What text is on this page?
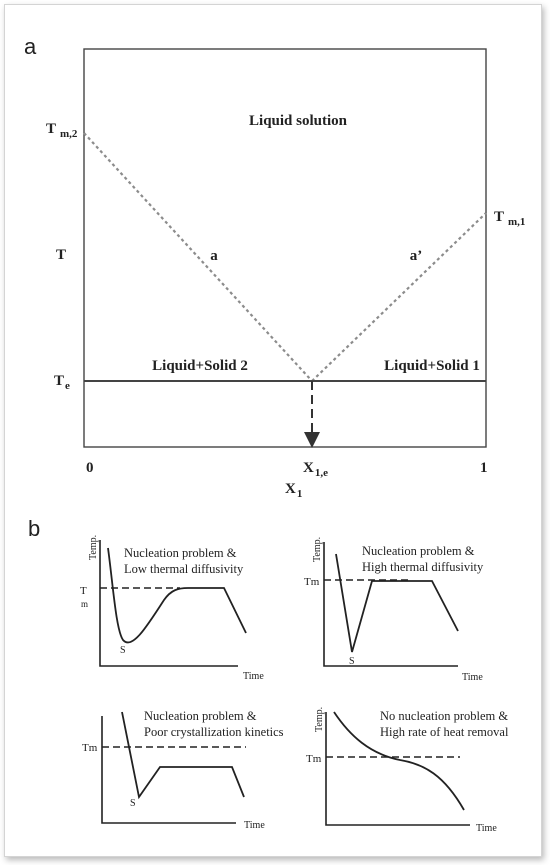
a
b
Liquid solution
Liquid+Solid 2	Liquid+Solid 1
a	a’
T $_{m,2}$
T $_{m,1}$
T
$T_e$
0	1
$X_{1,e}$
$X_1$
Temp.
Time
Nucleation problem &
Low thermal diffusivity
T
m
S
Temp.
Time
Nucleation problem &
High thermal diffusivity
Tm
S
Time
Nucleation problem &
Poor crystallization kinetics
Tm
S
Temp.
Time
No nucleation problem &
High rate of heat removal
Tm
